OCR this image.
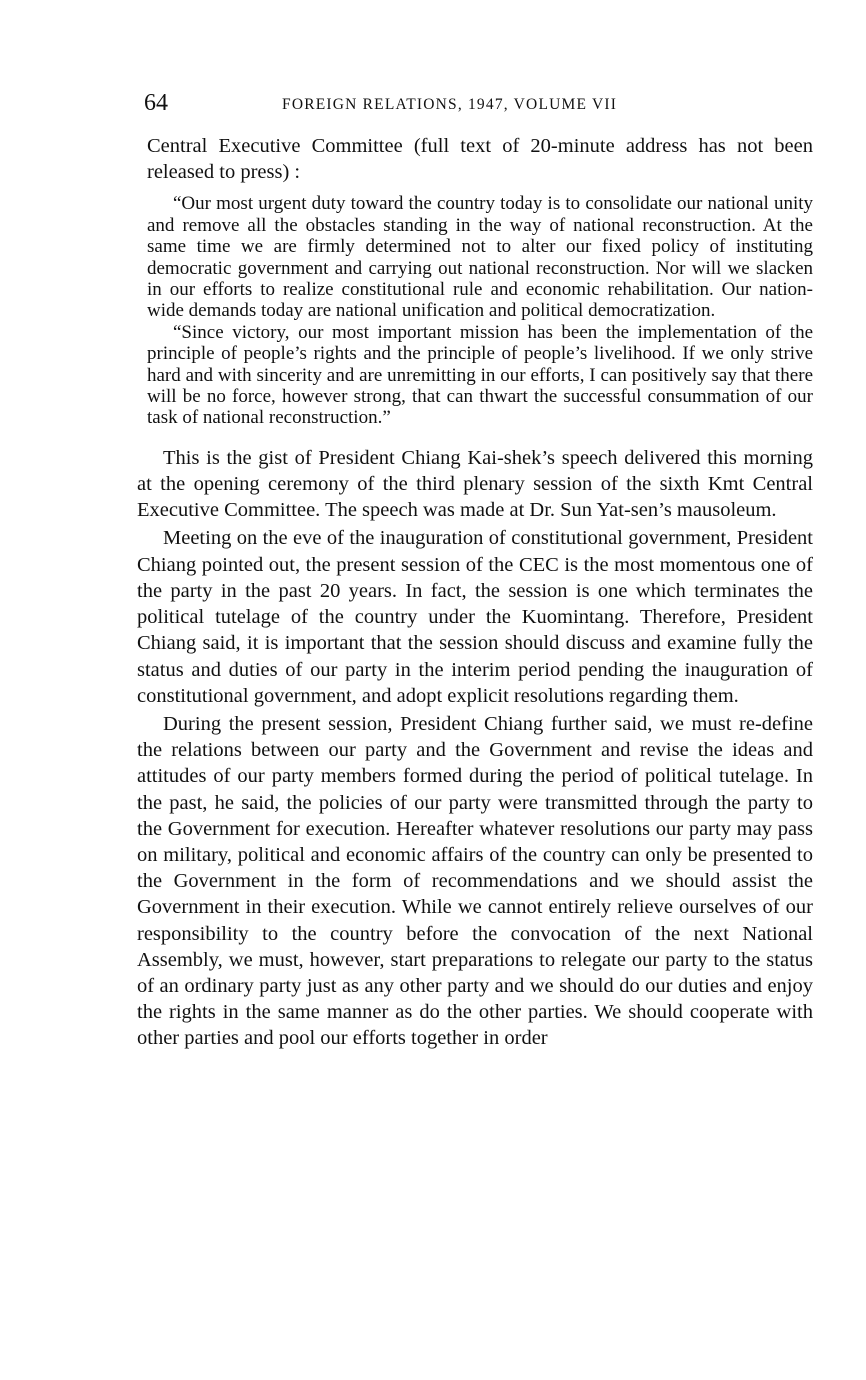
64	FOREIGN RELATIONS, 1947, VOLUME VII

Central Executive Committee (full text of 20-minute address has not been released to press) :

“Our most urgent duty toward the country today is to consolidate our national unity and remove all the obstacles standing in the way of national reconstruction. At the same time we are firmly determined not to alter our fixed policy of instituting democratic government and carrying out national reconstruction. Nor will we slacken in our efforts to realize constitutional rule and economic rehabilitation. Our nation-wide demands today are national unification and political democratization.

“Since victory, our most important mission has been the implementation of the principle of people’s rights and the principle of people’s livelihood. If we only strive hard and with sincerity and are unremitting in our efforts, I can positively say that there will be no force, however strong, that can thwart the successful consummation of our task of national reconstruction.”

This is the gist of President Chiang Kai-shek’s speech delivered this morning at the opening ceremony of the third plenary session of the sixth Kmt Central Executive Committee. The speech was made at Dr. Sun Yat-sen’s mausoleum.

Meeting on the eve of the inauguration of constitutional government, President Chiang pointed out, the present session of the CEC is the most momentous one of the party in the past 20 years. In fact, the session is one which terminates the political tutelage of the country under the Kuomintang. Therefore, President Chiang said, it is important that the session should discuss and examine fully the status and duties of our party in the interim period pending the inauguration of constitutional government, and adopt explicit resolutions regarding them.

During the present session, President Chiang further said, we must re-define the relations between our party and the Government and revise the ideas and attitudes of our party members formed during the period of political tutelage. In the past, he said, the policies of our party were transmitted through the party to the Government for execution. Hereafter whatever resolutions our party may pass on military, political and economic affairs of the country can only be presented to the Government in the form of recommendations and we should assist the Government in their execution. While we cannot entirely relieve ourselves of our responsibility to the country before the convocation of the next National Assembly, we must, however, start preparations to relegate our party to the status of an ordinary party just as any other party and we should do our duties and enjoy the rights in the same manner as do the other parties. We should cooperate with other parties and pool our efforts together in order
